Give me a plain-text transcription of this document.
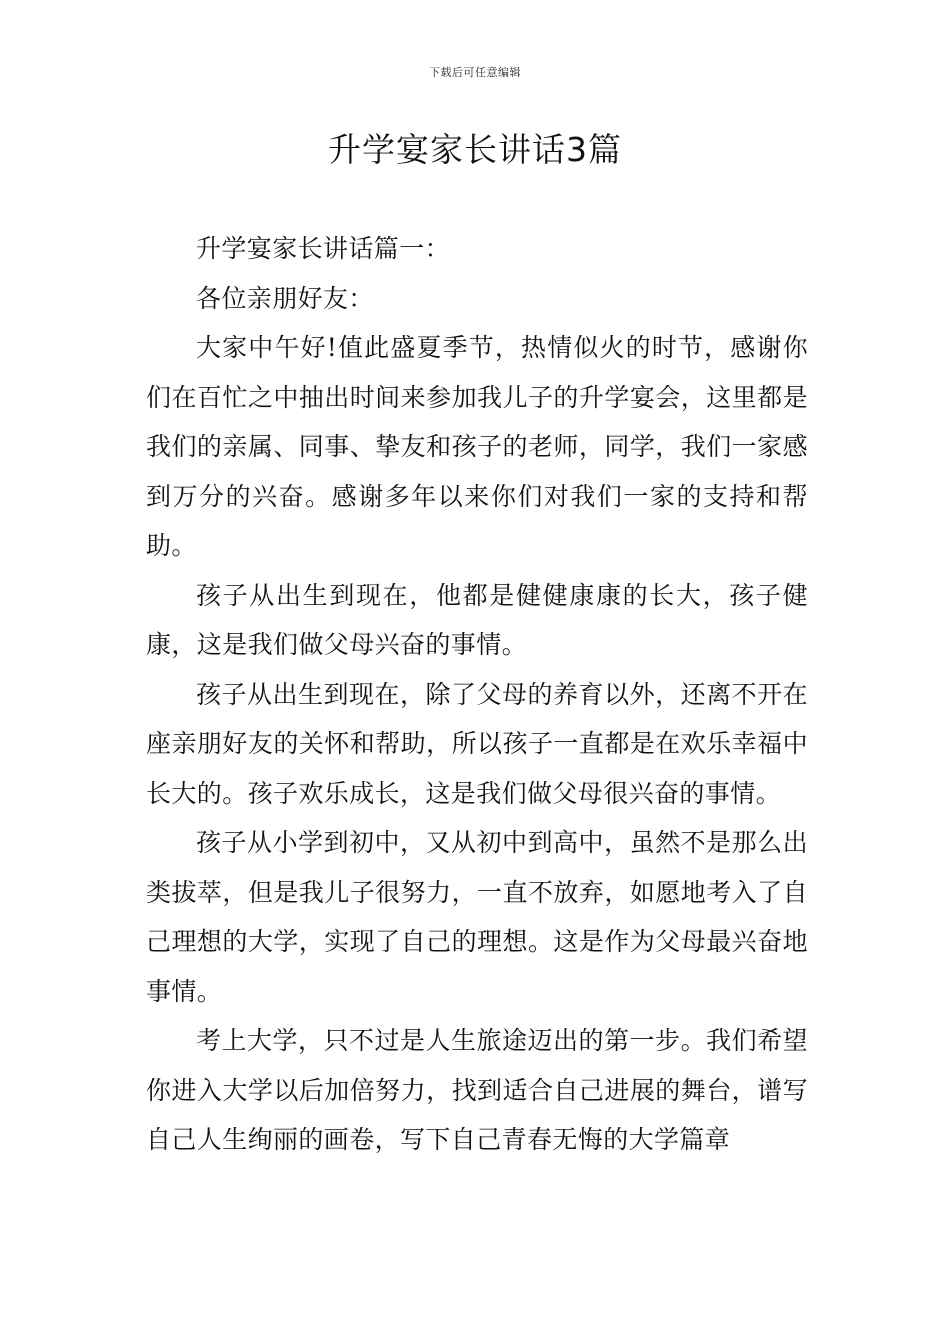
下载后可任意编辑
升学宴家长讲话3篇

升学宴家长讲话篇一：

各位亲朋好友：

大家中午好!值此盛夏季节，热情似火的时节，感谢你们在百忙之中抽出时间来参加我儿子的升学宴会，这里都是我们的亲属、同事、挚友和孩子的老师，同学，我们一家感到万分的兴奋。感谢多年以来你们对我们一家的支持和帮助。

孩子从出生到现在，他都是健健康康的长大，孩子健康，这是我们做父母兴奋的事情。

孩子从出生到现在，除了父母的养育以外，还离不开在座亲朋好友的关怀和帮助，所以孩子一直都是在欢乐幸福中长大的。孩子欢乐成长，这是我们做父母很兴奋的事情。

孩子从小学到初中，又从初中到高中，虽然不是那么出类拔萃，但是我儿子很努力，一直不放弃，如愿地考入了自己理想的大学，实现了自己的理想。这是作为父母最兴奋地事情。

考上大学，只不过是人生旅途迈出的第一步。我们希望你进入大学以后加倍努力，找到适合自己进展的舞台，谱写自己人生绚丽的画卷，写下自己青春无悔的大学篇章
